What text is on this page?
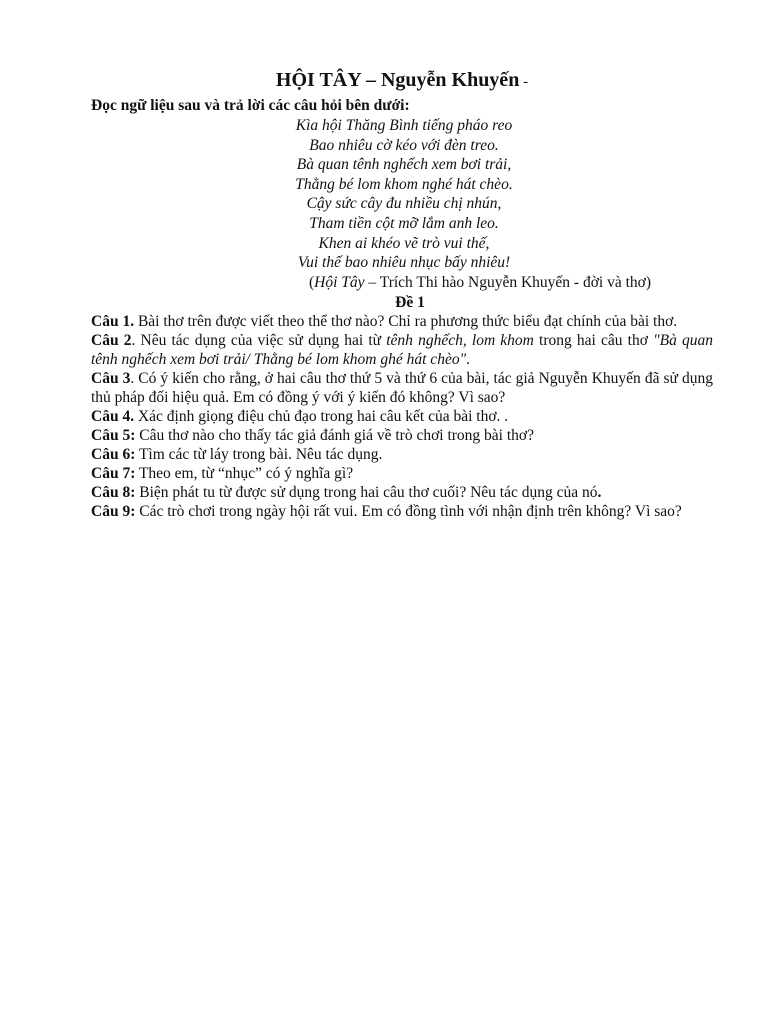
HỘI TÂY – Nguyễn Khuyến -

Đọc ngữ liệu sau và trả lời các câu hỏi bên dưới:

Kìa hội Thăng Bình tiếng pháo reo
Bao nhiêu cờ kéo với đèn treo.
Bà quan tênh nghếch xem bơi trải,
Thằng bé lom khom nghé hát chèo.
Cậy sức cây đu nhiều chị nhún,
Tham tiền cột mỡ lắm anh leo.
Khen ai khéo vẽ trò vui thế,
Vui thế bao nhiêu nhục bấy nhiêu!

(Hội Tây – Trích Thi hào Nguyễn Khuyến - đời và thơ)

Đề 1

Câu 1. Bài thơ trên được viết theo thể thơ nào? Chỉ ra phương thức biểu đạt chính của bài thơ.

Câu 2. Nêu tác dụng của việc sử dụng hai từ tênh nghếch, lom khom trong hai câu thơ "Bà quan tênh nghếch xem bơi trải/ Thằng bé lom khom ghé hát chèo".

Câu 3. Có ý kiến cho rằng, ở hai câu thơ thứ 5 và thứ 6 của bài, tác giả Nguyễn Khuyến đã sử dụng thủ pháp đối hiệu quả. Em có đồng ý với ý kiến đó không? Vì sao?

Câu 4. Xác định giọng điệu chủ đạo trong hai câu kết của bài thơ. .

Câu 5: Câu thơ nào cho thấy tác giả đánh giá về trò chơi trong bài thơ?

Câu 6: Tìm các từ láy trong bài. Nêu tác dụng.

Câu 7: Theo em, từ “nhục” có ý nghĩa gì?

Câu 8: Biện phát tu từ được sử dụng trong hai câu thơ cuối? Nêu tác dụng của nó.

Câu 9: Các trò chơi trong ngày hội rất vui. Em có đồng tình với nhận định trên không? Vì sao?
